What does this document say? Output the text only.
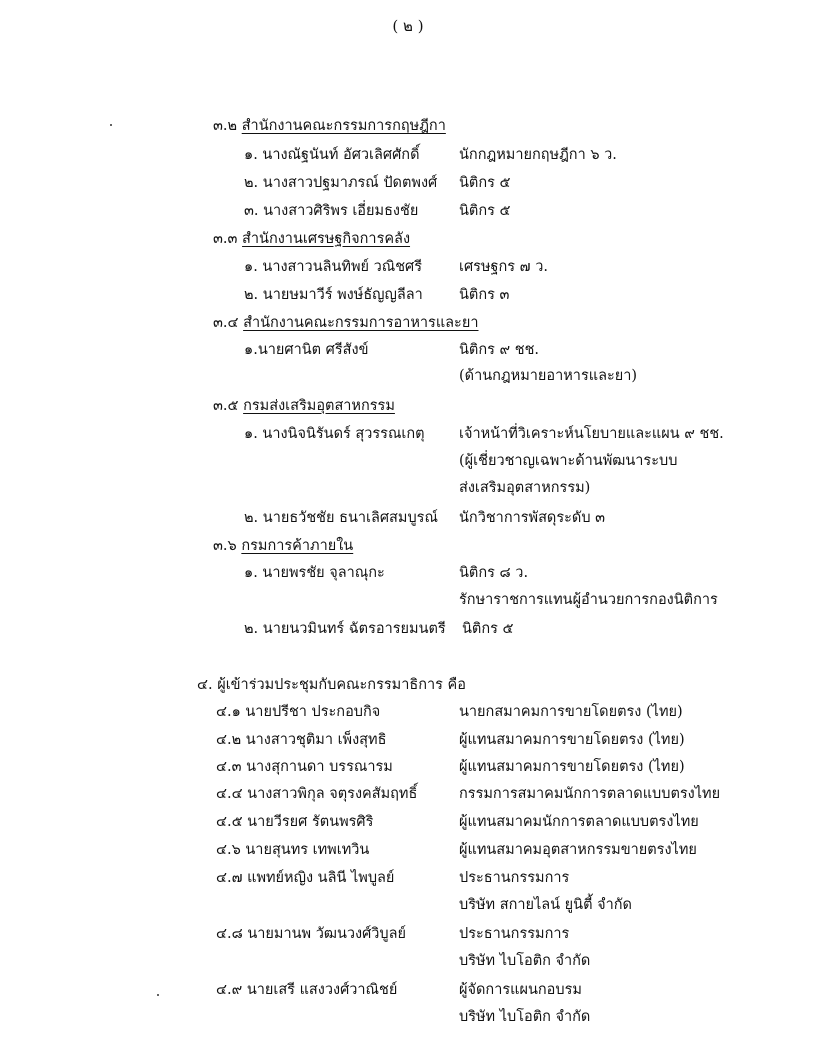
( ๒ )
๓.๒ สำนักงานคณะกรรมการกฤษฎีกา
๑. นางณัฐนันท์ อัศวเลิศศักดิ์	นักกฎหมายกฤษฎีกา ๖ ว.
๒. นางสาวปฐมาภรณ์ ปัดตพงศ์ นิติกร ๕
๓. นางสาวศิริพร เอี่ยมธงชัย	นิติกร ๕
๓.๓ สำนักงานเศรษฐกิจการคลัง
๑. นางสาวนลินทิพย์ วณิชศรี	เศรษฐกร ๗ ว.
๒. นายษมาวีร์ พงษ์ธัญญลีลา นิติกร ๓
๓.๔ สำนักงานคณะกรรมการอาหารและยา
๑.นายศานิต ศรีสังข์	นิติกร ๙ ชช.
(ด้านกฎหมายอาหารและยา)
๓.๕ กรมส่งเสริมอุตสาหกรรม
๑. นางนิจนิรันดร์ สุวรรณเกตุ เจ้าหน้าที่วิเคราะห์นโยบายและแผน ๙ ชช.
(ผู้เชี่ยวชาญเฉพาะด้านพัฒนาระบบ
ส่งเสริมอุตสาหกรรม)
๒. นายธวัชชัย ธนาเลิศสมบูรณ์ นักวิชาการพัสดุระดับ ๓
๓.๖ กรมการค้าภายใน
๑. นายพรชัย จุลาณุกะ	นิติกร ๘ ว.
รักษาราชการแทนผู้อำนวยการกองนิติการ
๒. นายนวมินทร์ ฉัตรอารยมนตรี นิติกร ๕
๔. ผู้เข้าร่วมประชุมกับคณะกรรมาธิการ คือ
๔.๑ นายปรีชา ประกอบกิจ	นายกสมาคมการขายโดยตรง (ไทย)
๔.๒ นางสาวชุติมา เพ็งสุทธิ	ผู้แทนสมาคมการขายโดยตรง (ไทย)
๔.๓ นางสุกานดา บรรณารม	ผู้แทนสมาคมการขายโดยตรง (ไทย)
๔.๔ นางสาวพิกุล จตุรงคสัมฤทธิ์	กรรมการสมาคมนักการตลาดแบบตรงไทย
๔.๕ นายวีรยศ รัตนพรศิริ	ผู้แทนสมาคมนักการตลาดแบบตรงไทย
๔.๖ นายสุนทร เทพเทวิน	ผู้แทนสมาคมอุตสาหกรรมขายตรงไทย
๔.๗ แพทย์หญิง นลินี ไพบูลย์	ประธานกรรมการ
บริษัท สกายไลน์ ยูนิตี้ จำกัด
๔.๘ นายมานพ วัฒนวงศ์วิบูลย์	ประธานกรรมการ
บริษัท ไบโอติก จำกัด
๔.๙ นายเสรี แสงวงศ์วาณิชย์	ผู้จัดการแผนกอบรม
บริษัท ไบโอติก จำกัด
